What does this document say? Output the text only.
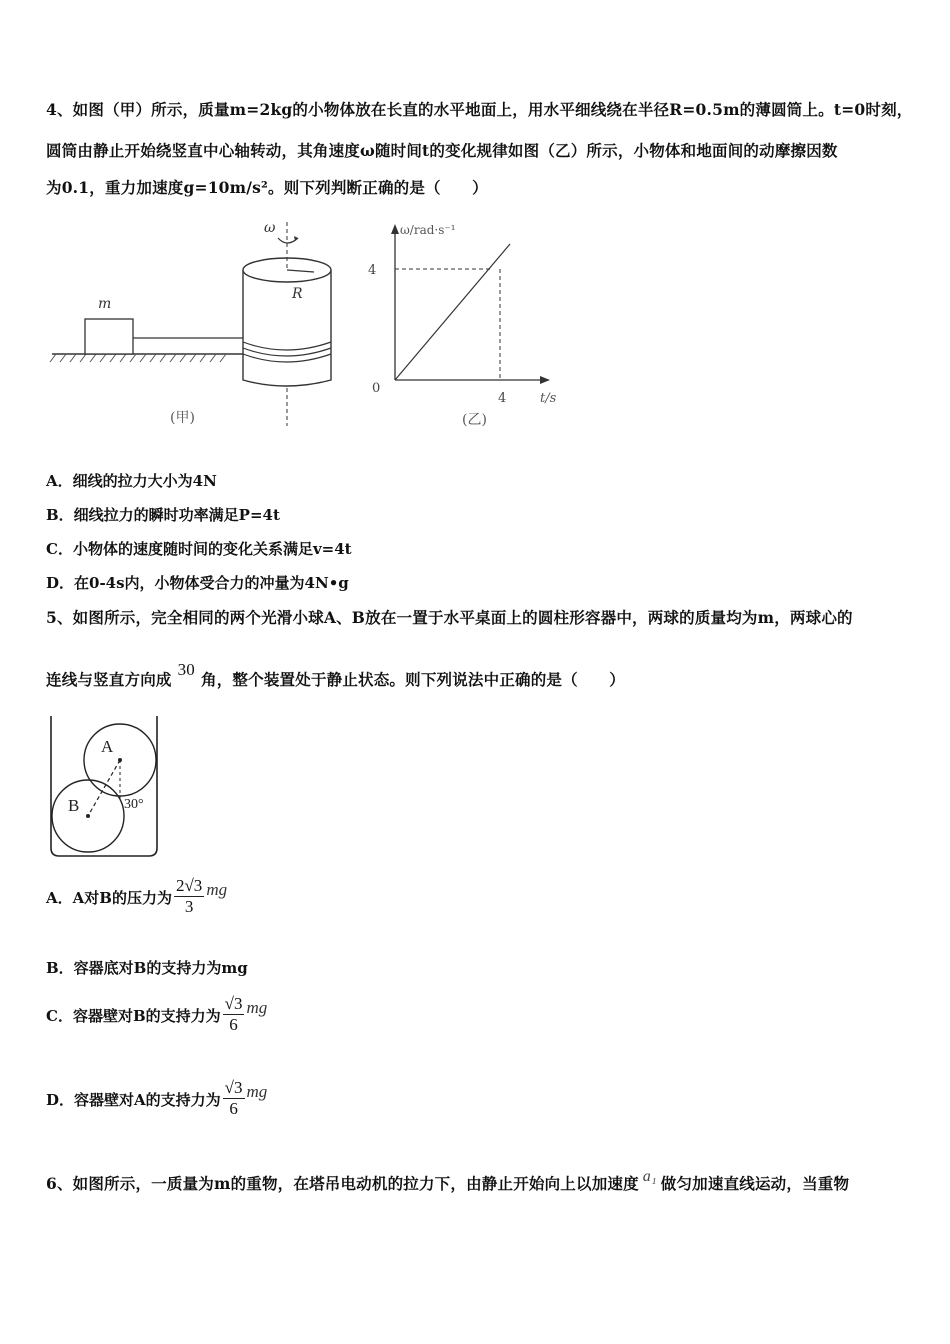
4、如图（甲）所示，质量m=2kg的小物体放在长直的水平地面上，用水平细线绕在半径R=0.5m的薄圆筒上。t=0时刻，
圆筒由静止开始绕竖直中心轴转动，其角速度ω随时间t的变化规律如图（乙）所示，小物体和地面间的动摩擦因数
为0.1，重力加速度g=10m/s²。则下列判断正确的是（　　）
m
R
ω
(甲)
ω/rad·s⁻¹
t/s
4
4
0
(乙)
A．细线的拉力大小为4N
B．细线拉力的瞬时功率满足P=4t
C．小物体的速度随时间的变化关系满足v=4t
D．在0-4s内，小物体受合力的冲量为4N•g
5、如图所示，完全相同的两个光滑小球A、B放在一置于水平桌面上的圆柱形容器中，两球的质量均为m，两球心的
连线与竖直方向成30角，整个装置处于静止状态。则下列说法中正确的是（　　）
A
B	30°
A．A对B的压力为 $\frac{2√3}{3}$ mg
B．容器底对B的支持力为mg
C．容器壁对B的支持力为 $\frac{√3}{6}$ mg
D．容器壁对A的支持力为 $\frac{√3}{6}$ mg
6、如图所示，一质量为m的重物，在塔吊电动机的拉力下，由静止开始向上以加速度 a₁ 做匀加速直线运动，当重物
